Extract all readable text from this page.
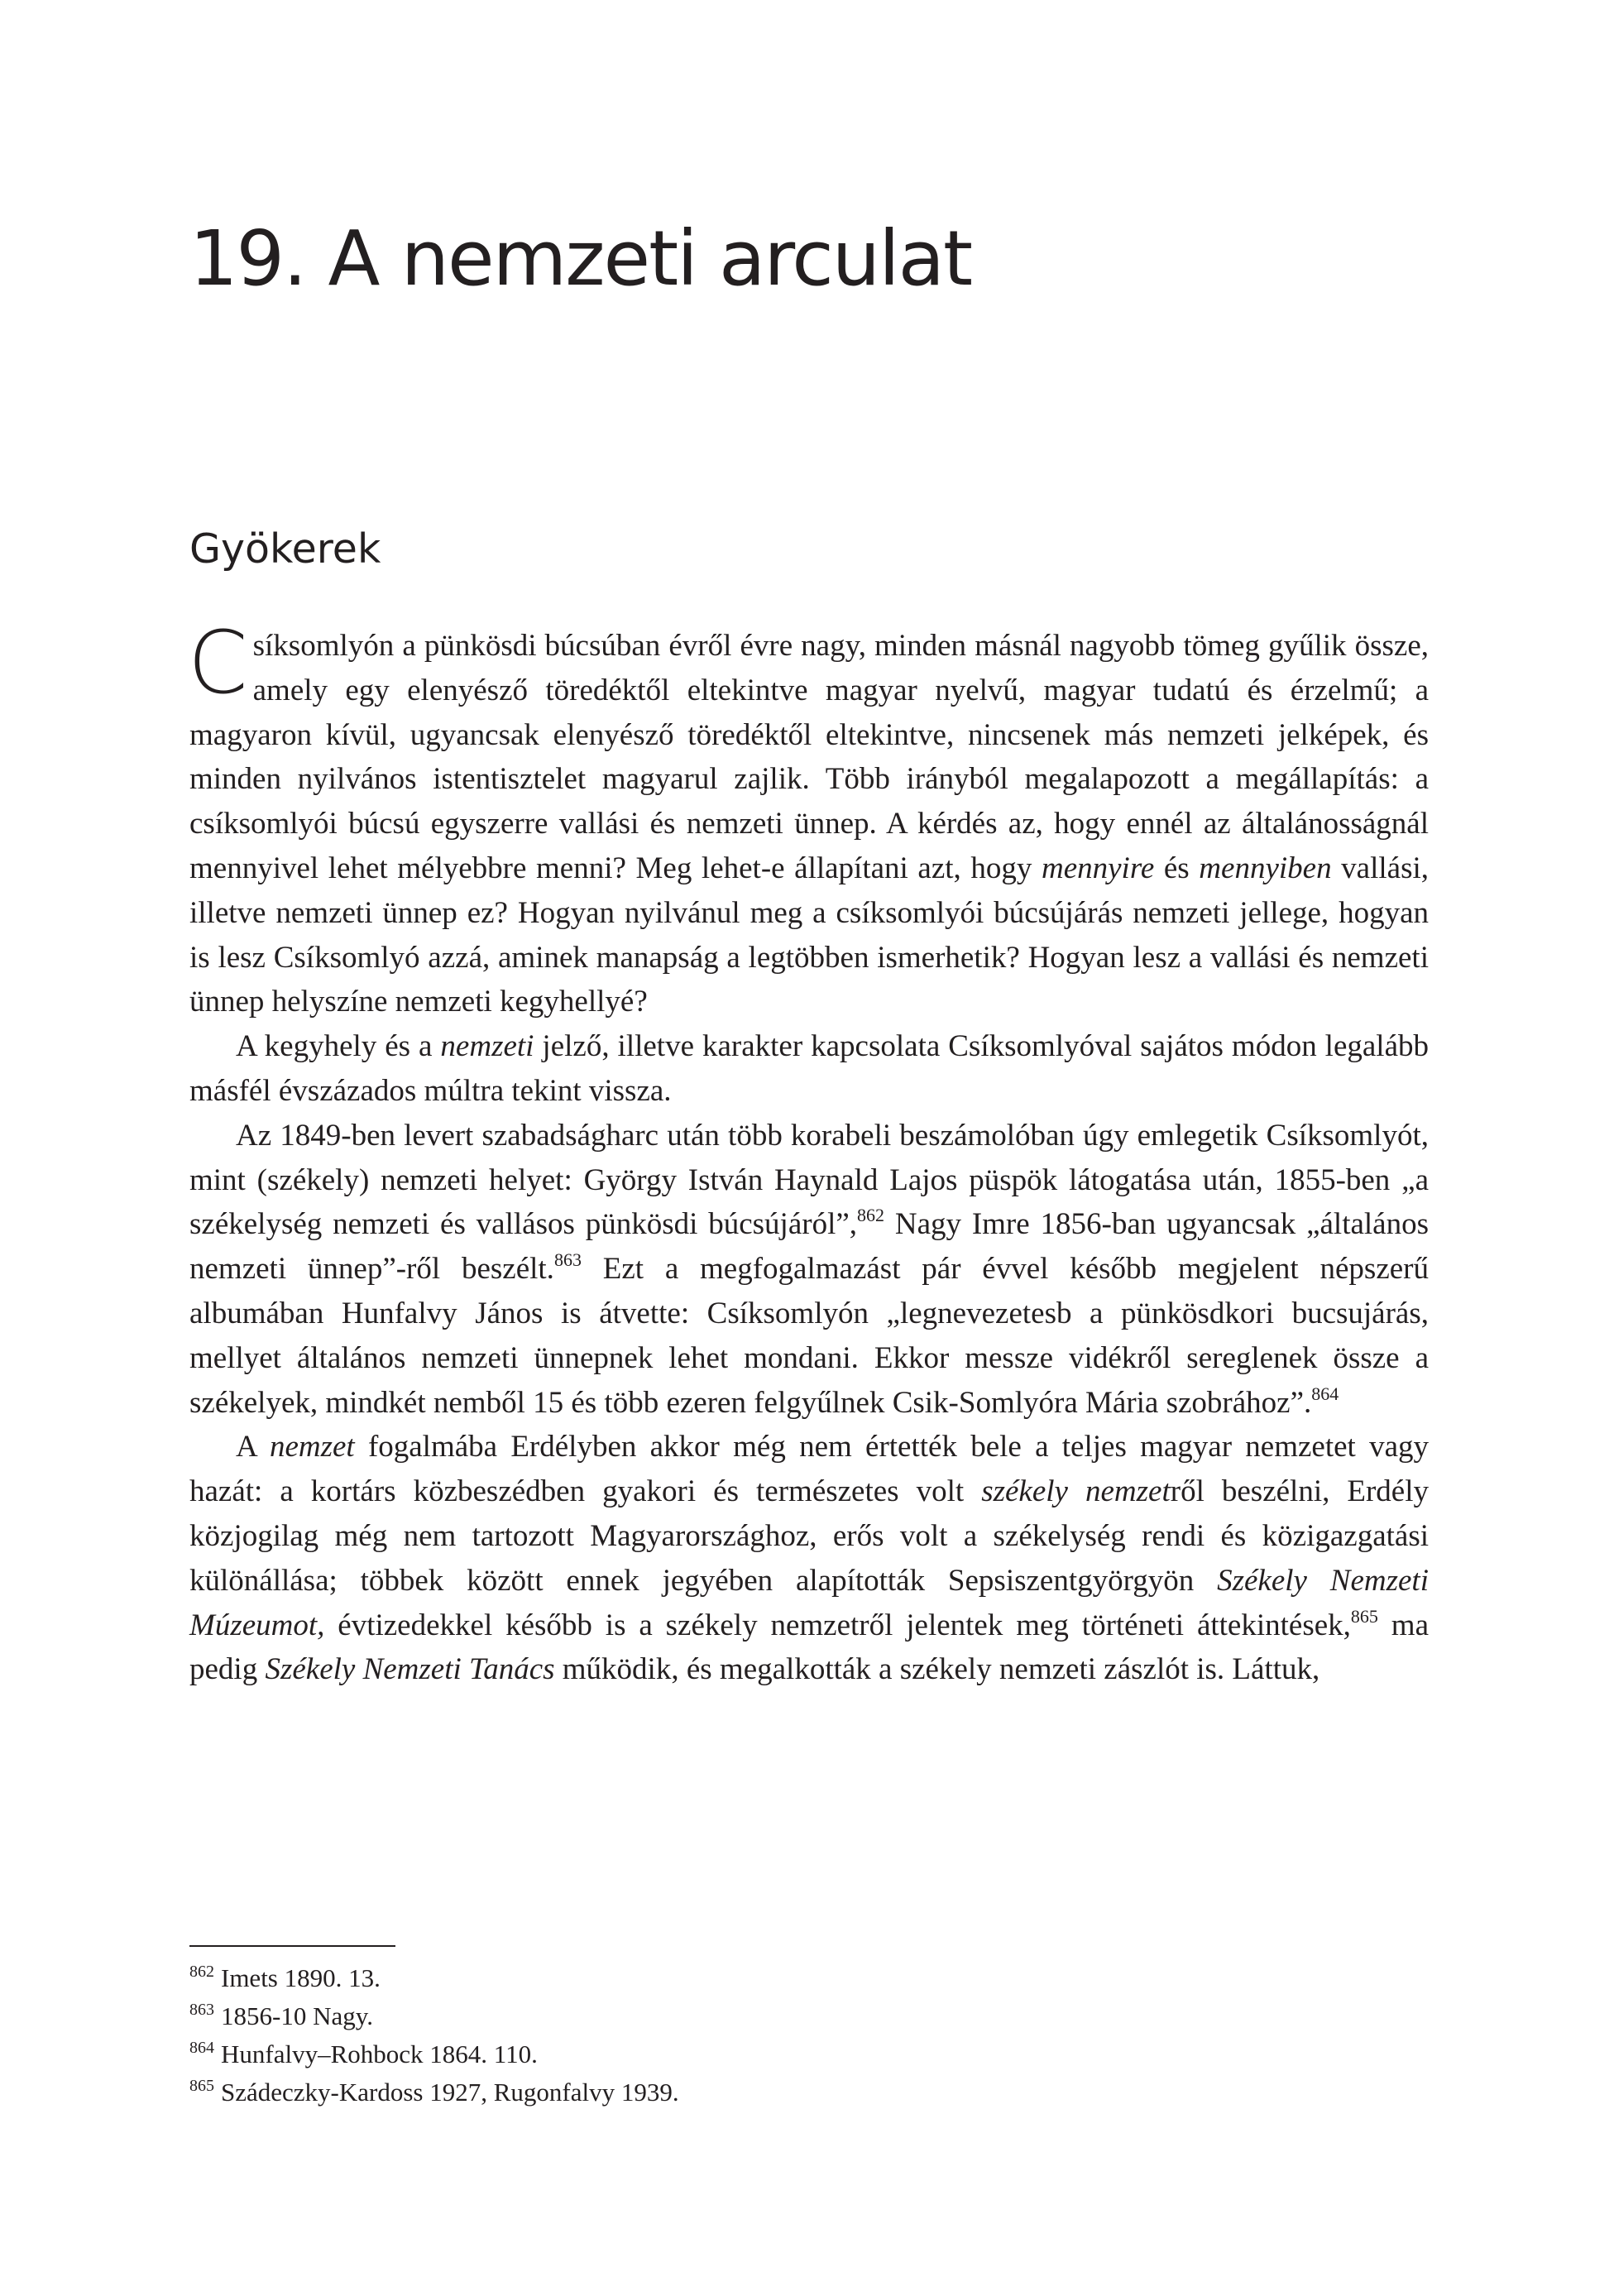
19. A nemzeti arculat
Gyökerek

Csíksomlyón a pünkösdi búcsúban évről évre nagy, minden másnál nagyobb tömeg gyűlik össze, amely egy elenyésző töredéktől eltekintve magyar nyelvű, magyar tudatú és érzelmű; a magyaron kívül, ugyancsak elenyésző töredéktől eltekintve, nincsenek más nemzeti jelképek, és minden nyilvános istentisztelet magyarul zajlik. Több irányból megalapozott a megállapítás: a csíksomlyói búcsú egyszerre vallási és nemzeti ünnep. A kérdés az, hogy ennél az általánosságnál mennyivel lehet mélyebbre menni? Meg lehet-e állapítani azt, hogy mennyire és mennyiben vallási, illetve nemzeti ünnep ez? Hogyan nyilvánul meg a csíksomlyói búcsújárás nemzeti jellege, hogyan is lesz Csíksomlyó azzá, aminek manapság a legtöbben ismerhetik? Hogyan lesz a vallási és nemzeti ünnep helyszíne nemzeti kegyhellyé?

A kegyhely és a nemzeti jelző, illetve karakter kapcsolata Csíksomlyóval sajátos módon legalább másfél évszázados múltra tekint vissza.

Az 1849-ben levert szabadságharc után több korabeli beszámolóban úgy emlegetik Csíksomlyót, mint (székely) nemzeti helyet: György István Haynald Lajos püspök látogatása után, 1855-ben „a székelység nemzeti és vallásos pünkösdi búcsújáról”,$^{862}$ Nagy Imre 1856-ban ugyancsak „általános nemzeti ünnep”-ről beszélt.$^{863}$ Ezt a megfogalmazást pár évvel később megjelent népszerű albumában Hunfalvy János is átvette: Csíksomlyón „legnevezetesb a pünkösdkori bucsujárás, mellyet általános nemzeti ünnepnek lehet mondani. Ekkor messze vidékről sereglenek össze a székelyek, mindkét nemből 15 és több ezeren felgyűlnek Csik-Somlyóra Mária szobrához”.$^{864}$

A nemzet fogalmába Erdélyben akkor még nem értették bele a teljes magyar nemzetet vagy hazát: a kortárs közbeszédben gyakori és természetes volt székely nemzetről beszélni, Erdély közjogilag még nem tartozott Magyarországhoz, erős volt a székelység rendi és közigazgatási különállása; többek között ennek jegyében alapították Sepsiszentgyörgyön Székely Nemzeti Múzeumot, évtizedekkel később is a székely nemzetről jelentek meg történeti áttekintések,$^{865}$ ma pedig Székely Nemzeti Tanács működik, és megalkották a székely nemzeti zászlót is. Láttuk,

$^{862}$ Imets 1890. 13.

$^{863}$ 1856-10 Nagy.

$^{864}$ Hunfalvy–Rohbock 1864. 110.

$^{865}$ Szádeczky-Kardoss 1927, Rugonfalvy 1939.
